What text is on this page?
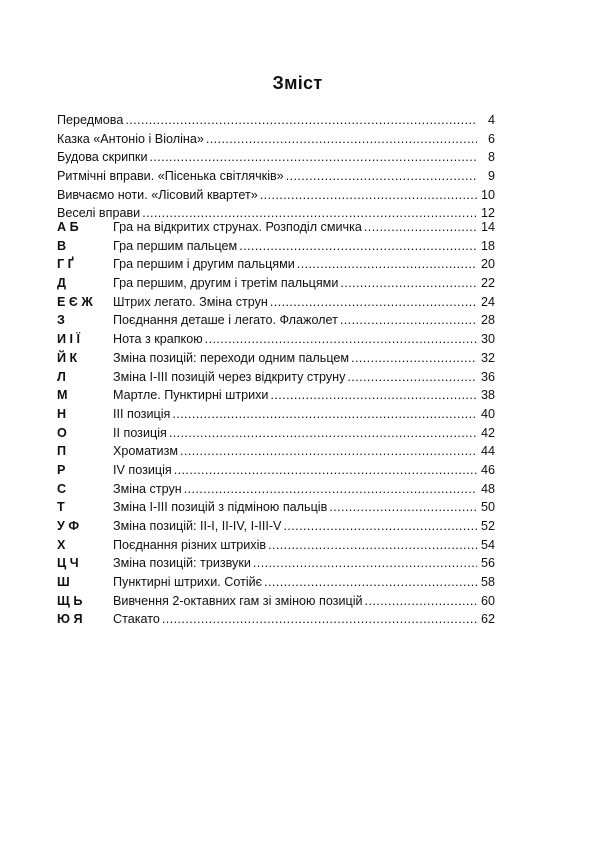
Зміст
Передмова .....	4
Казка «Антоніо і Віоліна» .....	6
Будова скрипки .....	8
Ритмічні вправи. «Пісенька світлячків» .....	9
Вивчаємо ноти. «Лісовий квартет» .....	10
Веселі вправи .....	12
А Б	Гра на відкритих струнах. Розподіл смичка .....	14
В	Гра першим пальцем .....	18
Г Ґ	Гра першим і другим пальцями .....	20
Д	Гра першим, другим і третім пальцями .....	22
Е Є Ж	Штрих легато. Зміна струн .....	24
З	Поєднання деташе і легато. Флажолет .....	28
И І Ї	Нота з крапкою .....	30
Й К	Зміна позицій: переходи одним пальцем .....	32
Л	Зміна І-ІІІ позицій через відкриту струну .....	36
М	Мартле. Пунктирні штрихи .....	38
Н	ІІІ позиція .....	40
О	ІІ позиція .....	42
П	Хроматизм .....	44
Р	ІV позиція .....	46
С	Зміна струн .....	48
Т	Зміна І-ІІІ позицій з підміною пальців .....	50
У Ф	Зміна позицій: ІІ-І, ІІ-ІV, І-ІІІ-V .....	52
Х	Поєднання різних штрихів .....	54
Ц Ч	Зміна позицій: тризвуки .....	56
Ш	Пунктирні штрихи. Сотійє .....	58
Щ Ь	Вивчення 2-октавних гам зі зміною позицій .....	60
Ю Я	Стакато .....	62
